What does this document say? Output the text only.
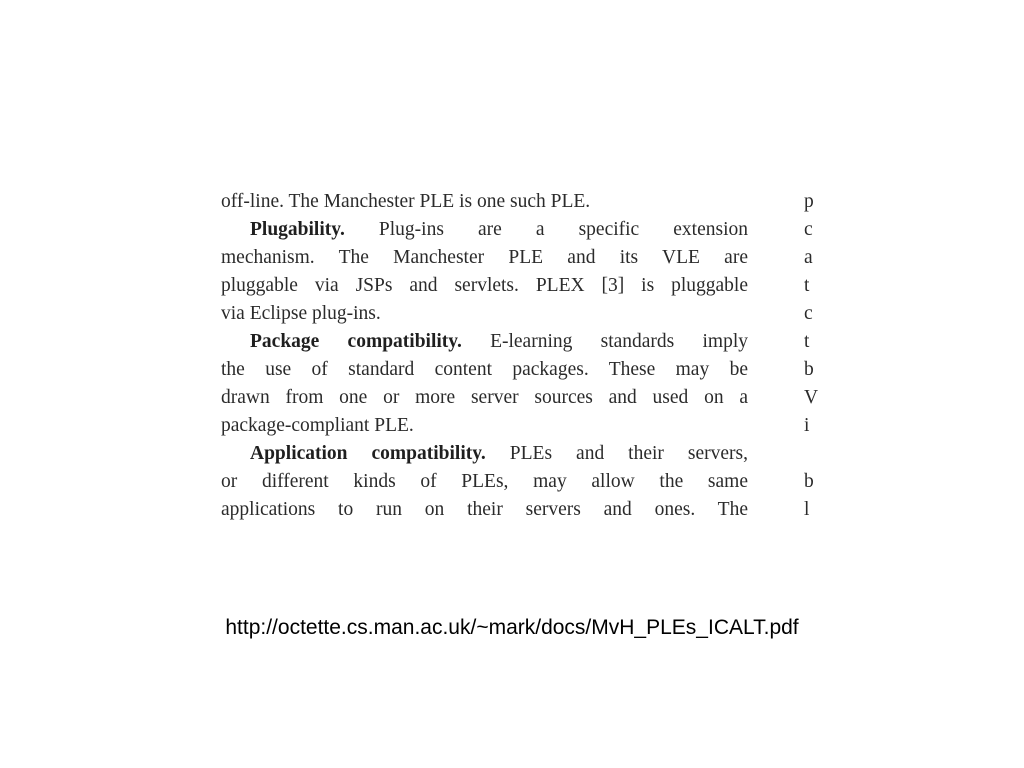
off-line. The Manchester PLE is one such PLE.
Plugability. Plug-ins are a specific extension
mechanism. The Manchester PLE and its VLE are
pluggable via JSPs and servlets. PLEX [3] is pluggable
via Eclipse plug-ins.
Package compatibility. E-learning standards imply
the use of standard content packages. These may be
drawn from one or more server sources and used on a
package-compliant PLE.
Application compatibility. PLEs and their servers,
or different kinds of PLEs, may allow the same
applications to run on their servers and ones. The
p
c
a
t
c
t
b
V
i
b
l
http://octette.cs.man.ac.uk/~mark/docs/MvH_PLEs_ICALT.pdf
